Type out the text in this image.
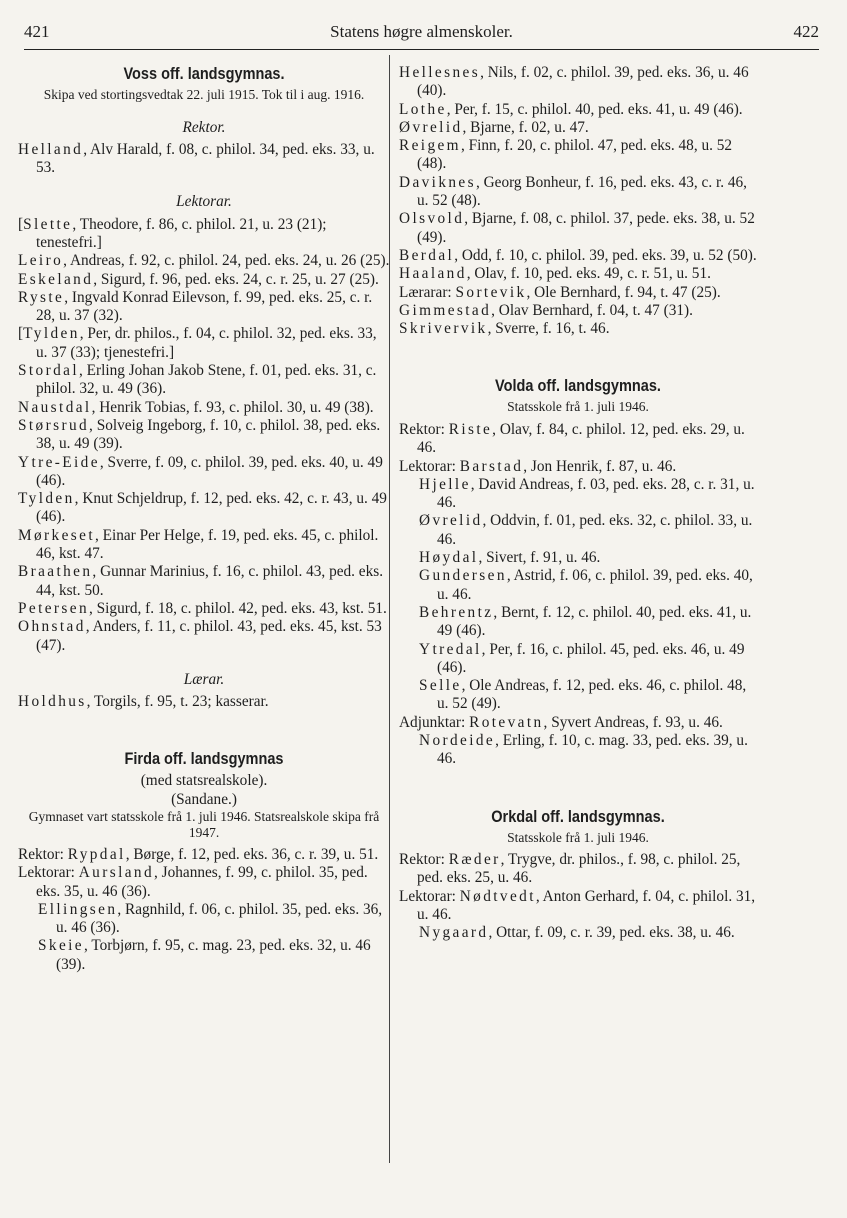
421	Statens høgre almenskoler.	422
Voss off. landsgymnas.
Skipa ved stortingsvedtak 22. juli 1915. Tok til i aug. 1916.
Rektor.
Helland, Alv Harald, f. 08, c. philol. 34, ped. eks. 33, u. 53.
Lektorar.
[Slette, Theodore, f. 86, c. philol. 21, u. 23 (21); tenestefri.]
Leiro, Andreas, f. 92, c. philol. 24, ped. eks. 24, u. 26 (25).
Eskeland, Sigurd, f. 96, ped. eks. 24, c. r. 25, u. 27 (25).
Ryste, Ingvald Konrad Eilevson, f. 99, ped. eks. 25, c. r. 28, u. 37 (32).
[Tylden, Per, dr. philos., f. 04, c. philol. 32, ped. eks. 33, u. 37 (33); tjenestefri.]
Stordal, Erling Johan Jakob Stene, f. 01, ped. eks. 31, c. philol. 32, u. 49 (36).
Naustdal, Henrik Tobias, f. 93, c. philol. 30, u. 49 (38).
Størsrud, Solveig Ingeborg, f. 10, c. philol. 38, ped. eks. 38, u. 49 (39).
Ytre-Eide, Sverre, f. 09, c. philol. 39, ped. eks. 40, u. 49 (46).
Tylden, Knut Schjeldrup, f. 12, ped. eks. 42, c. r. 43, u. 49 (46).
Mørkeset, Einar Per Helge, f. 19, ped. eks. 45, c. philol. 46, kst. 47.
Braathen, Gunnar Marinius, f. 16, c. philol. 43, ped. eks. 44, kst. 50.
Petersen, Sigurd, f. 18, c. philol. 42, ped. eks. 43, kst. 51.
Ohnstad, Anders, f. 11, c. philol. 43, ped. eks. 45, kst. 53 (47).
Lærar.
Holdhus, Torgils, f. 95, t. 23; kasserar.
Firda off. landsgymnas
(med statsrealskole).
(Sandane.)
Gymnaset vart statsskole frå 1. juli 1946. Statsrealskole skipa frå 1947.
Rektor: Rypdal, Børge, f. 12, ped. eks. 36, c. r. 39, u. 51.
Lektorar: Aursland, Johannes, f. 99, c. philol. 35, ped. eks. 35, u. 46 (36).
Ellingsen, Ragnhild, f. 06, c. philol. 35, ped. eks. 36, u. 46 (36).
Skeie, Torbjørn, f. 95, c. mag. 23, ped. eks. 32, u. 46 (39).
Hellesnes, Nils, f. 02, c. philol. 39, ped. eks. 36, u. 46 (40).
Lothe, Per, f. 15, c. philol. 40, ped. eks. 41, u. 49 (46).
Øvrelid, Bjarne, f. 02, u. 47.
Reigem, Finn, f. 20, c. philol. 47, ped. eks. 48, u. 52 (48).
Daviknes, Georg Bonheur, f. 16, ped. eks. 43, c. r. 46, u. 52 (48).
Olsvold, Bjarne, f. 08, c. philol. 37, pede. eks. 38, u. 52 (49).
Berdal, Odd, f. 10, c. philol. 39, ped. eks. 39, u. 52 (50).
Haaland, Olav, f. 10, ped. eks. 49, c. r. 51, u. 51.
Lærarar: Sortevik, Ole Bernhard, f. 94, t. 47 (25).
Gimmestad, Olav Bernhard, f. 04, t. 47 (31).
Skrivervik, Sverre, f. 16, t. 46.
Volda off. landsgymnas.
Statsskole frå 1. juli 1946.
Rektor: Riste, Olav, f. 84, c. philol. 12, ped. eks. 29, u. 46.
Lektorar: Barstad, Jon Henrik, f. 87, u. 46.
Hjelle, David Andreas, f. 03, ped. eks. 28, c. r. 31, u. 46.
Øvrelid, Oddvin, f. 01, ped. eks. 32, c. philol. 33, u. 46.
Høydal, Sivert, f. 91, u. 46.
Gundersen, Astrid, f. 06, c. philol. 39, ped. eks. 40, u. 46.
Behrentz, Bernt, f. 12, c. philol. 40, ped. eks. 41, u. 49 (46).
Ytredal, Per, f. 16, c. philol. 45, ped. eks. 46, u. 49 (46).
Selle, Ole Andreas, f. 12, ped. eks. 46, c. philol. 48, u. 52 (49).
Adjunktar: Rotevatn, Syvert Andreas, f. 93, u. 46.
Nordeide, Erling, f. 10, c. mag. 33, ped. eks. 39, u. 46.
Orkdal off. landsgymnas.
Statsskole frå 1. juli 1946.
Rektor: Ræder, Trygve, dr. philos., f. 98, c. philol. 25, ped. eks. 25, u. 46.
Lektorar: Nødtvedt, Anton Gerhard, f. 04, c. philol. 31, u. 46.
Nygaard, Ottar, f. 09, c. r. 39, ped. eks. 38, u. 46.
